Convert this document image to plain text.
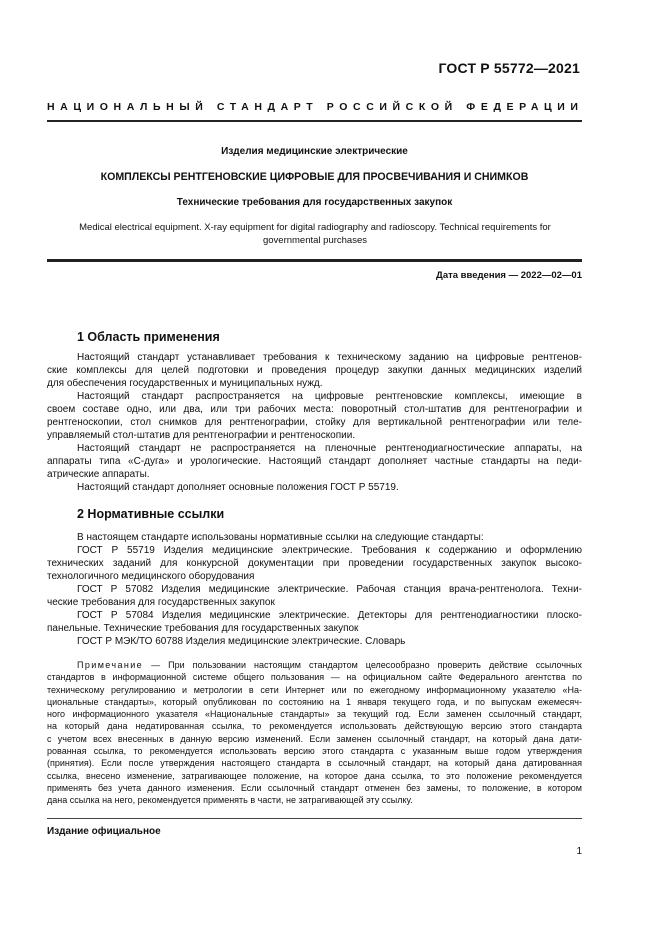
ГОСТ Р 55772—2021
НАЦИОНАЛЬНЫЙ СТАНДАРТ РОССИЙСКОЙ ФЕДЕРАЦИИ
Изделия медицинские электрические
КОМПЛЕКСЫ РЕНТГЕНОВСКИЕ ЦИФРОВЫЕ ДЛЯ ПРОСВЕЧИВАНИЯ И СНИМКОВ
Технические требования для государственных закупок
Medical electrical equipment. X-ray equipment for digital radiography and radioscopy. Technical requirements for
governmental purchases
Дата введения — 2022—02—01
1 Область применения
Настоящий стандарт устанавливает требования к техническому заданию на цифровые рентгенов-
ские комплексы для целей подготовки и проведения процедур закупки данных медицинских изделий
для обеспечения государственных и муниципальных нужд.
Настоящий стандарт распространяется на цифровые рентгеновские комплексы, имеющие в
своем составе одно, или два, или три рабочих места: поворотный стол-штатив для рентгенографии и
рентгеноскопии, стол снимков для рентгенографии, стойку для вертикальной рентгенографии или теле-
управляемый стол-штатив для рентгенографии и рентгеноскопии.
Настоящий стандарт не распространяется на пленочные рентгенодиагностические аппараты, на
аппараты типа «С-дуга» и урологические. Настоящий стандарт дополняет частные стандарты на педи-
атрические аппараты.
Настоящий стандарт дополняет основные положения ГОСТ Р 55719.
2 Нормативные ссылки
В настоящем стандарте использованы нормативные ссылки на следующие стандарты:
ГОСТ Р 55719 Изделия медицинские электрические. Требования к содержанию и оформлению
технических заданий для конкурсной документации при проведении государственных закупок высоко-
технологичного медицинского оборудования
ГОСТ Р 57082 Изделия медицинские электрические. Рабочая станция врача-рентгенолога. Техни-
ческие требования для государственных закупок
ГОСТ Р 57084 Изделия медицинские электрические. Детекторы для рентгенодиагностики плоско-
панельные. Технические требования для государственных закупок
ГОСТ Р МЭК/ТО 60788 Изделия медицинские электрические. Словарь
Примечание — При пользовании настоящим стандартом целесообразно проверить действие ссылочных
стандартов в информационной системе общего пользования — на официальном сайте Федерального агентства по
техническому регулированию и метрологии в сети Интернет или по ежегодному информационному указателю «На-
циональные стандарты», который опубликован по состоянию на 1 января текущего года, и по выпускам ежемесяч-
ного информационного указателя «Национальные стандарты» за текущий год. Если заменен ссылочный стандарт,
на который дана недатированная ссылка, то рекомендуется использовать действующую версию этого стандарта
с учетом всех внесенных в данную версию изменений. Если заменен ссылочный стандарт, на который дана дати-
рованная ссылка, то рекомендуется использовать версию этого стандарта с указанным выше годом утверждения
(принятия). Если после утверждения настоящего стандарта в ссылочный стандарт, на который дана датированная
ссылка, внесено изменение, затрагивающее положение, на которое дана ссылка, то это положение рекомендуется
применять без учета данного изменения. Если ссылочный стандарт отменен без замены, то положение, в котором
дана ссылка на него, рекомендуется применять в части, не затрагивающей эту ссылку.
Издание официальное
1
